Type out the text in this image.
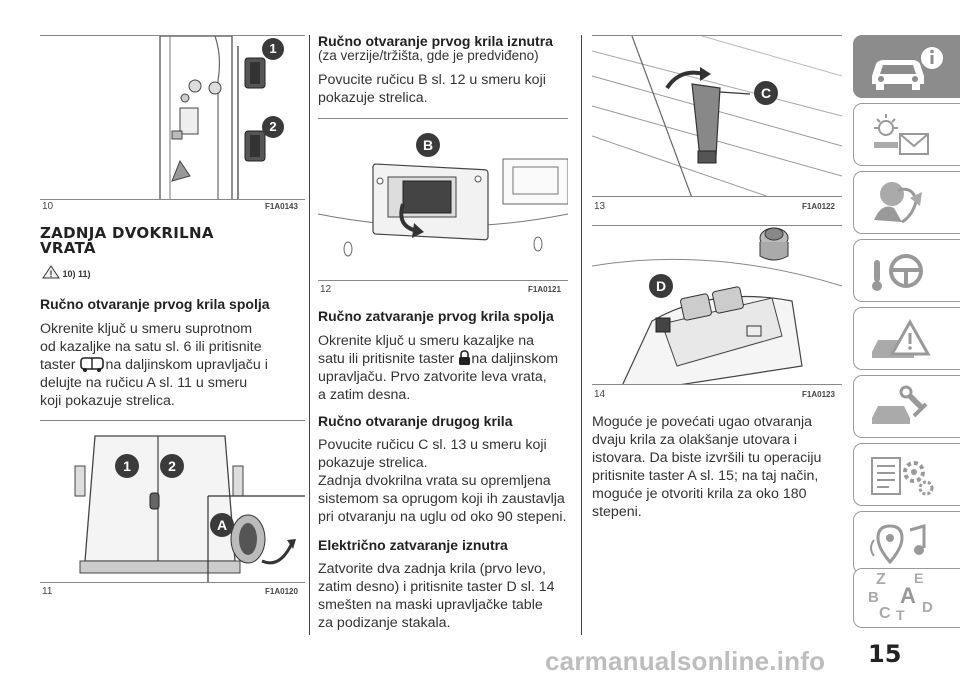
1
2
10	F1A0143
ZADNJA DVOKRILNA
VRATA
! 10) 11)
Ručno otvaranje prvog krila spolja
Okrenite ključ u smeru suprotnom
od kazaljke na satu sl. 6 ili pritisnite
taster na daljinskom upravljaču i
delujte na ručicu A sl. 11 u smeru
koji pokazuje strelica.
1	2
A
11	F1A0120
Ručno otvaranje prvog krila iznutra
(za verzije/tržišta, gde je predviđeno)
Povucite ručicu B sl. 12 u smeru koji
pokazuje strelica.
B
12	F1A0121
Ručno zatvaranje prvog krila spolja
Okrenite ključ u smeru kazaljke na
satu ili pritisnite taster na daljinskom
upravljaču. Prvo zatvorite leva vrata,
a zatim desna.
Ručno otvaranje drugog krila
Povucite ručicu C sl. 13 u smeru koji
pokazuje strelica.
Zadnja dvokrilna vrata su opremljena
sistemom sa oprugom koji ih zaustavlja
pri otvaranju na uglu od oko 90 stepeni.
Električno zatvaranje iznutra
Zatvorite dva zadnja krila (prvo levo,
zatim desno) i pritisnite taster D sl. 14
smešten na maski upravljačke table
za podizanje stakala.
C
13	F1A0122
D
14	F1A0123
Moguće je povećati ugao otvaranja
dvaju krila za olakšanje utovara i
istovara. Da biste izvršili tu operaciju
pritisnite taster A sl. 15; na taj način,
moguće je otvoriti krila za oko 180
stepeni.
Z E
B A
C T D
15
carmanualsonline.info
